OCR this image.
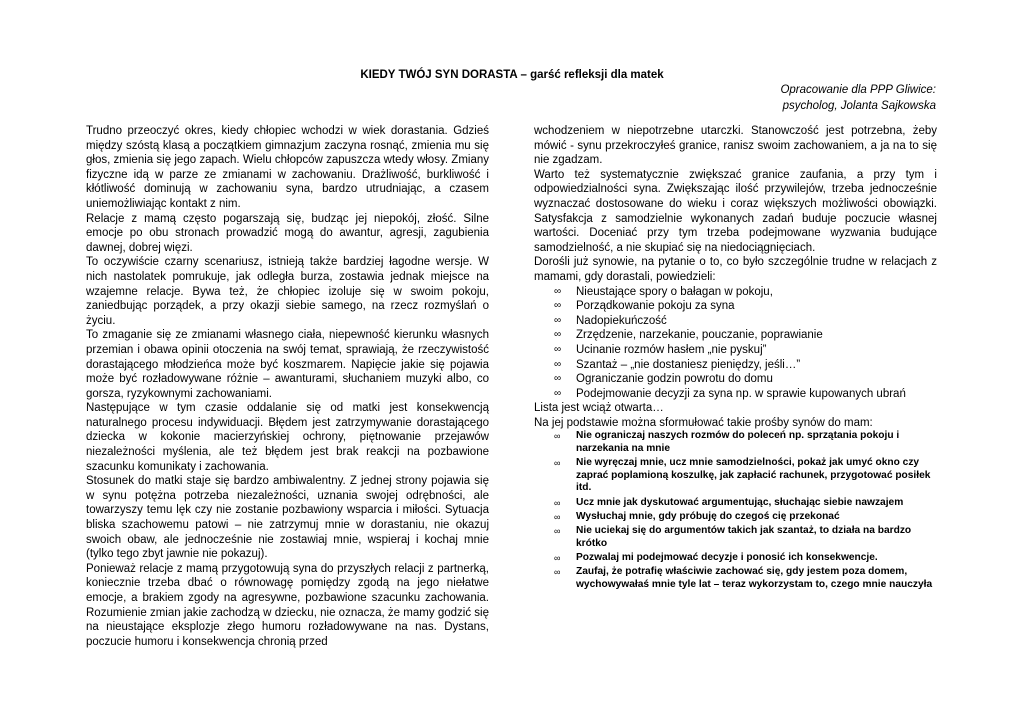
KIEDY TWÓJ SYN DORASTA – garść refleksji dla matek
Opracowanie dla PPP Gliwice:
psycholog, Jolanta Sajkowska

Trudno przeoczyć okres, kiedy chłopiec wchodzi w wiek dorastania. Gdzieś między szóstą klasą a początkiem gimnazjum zaczyna rosnąć, zmienia mu się głos, zmienia się jego zapach. Wielu chłopców zapuszcza wtedy włosy. Zmiany fizyczne idą w parze ze zmianami w zachowaniu. Drażliwość, burkliwość i kłótliwość dominują w zachowaniu syna, bardzo utrudniając, a czasem uniemożliwiając kontakt z nim.

Relacje z mamą często pogarszają się, budząc jej niepokój, złość. Silne emocje po obu stronach prowadzić mogą do awantur, agresji, zagubienia dawnej, dobrej więzi.

To oczywiście czarny scenariusz, istnieją także bardziej łagodne wersje. W nich nastolatek pomrukuje, jak odległa burza, zostawia jednak miejsce na wzajemne relacje. Bywa też, że chłopiec izoluje się w swoim pokoju, zaniedbując porządek, a przy okazji siebie samego, na rzecz rozmyślań o życiu.

To zmaganie się ze zmianami własnego ciała, niepewność kierunku własnych przemian i obawa opinii otoczenia na swój temat, sprawiają, że rzeczywistość dorastającego młodzieńca może być koszmarem. Napięcie jakie się pojawia może być rozładowywane różnie – awanturami, słuchaniem muzyki albo, co gorsza, ryzykownymi zachowaniami.

Następujące w tym czasie oddalanie się od matki jest konsekwencją naturalnego procesu indywiduacji. Błędem jest zatrzymywanie dorastającego dziecka w kokonie macierzyńskiej ochrony, piętnowanie przejawów niezależności myślenia, ale też błędem jest brak reakcji na pozbawione szacunku komunikaty i zachowania.

Stosunek do matki staje się bardzo ambiwalentny. Z jednej strony pojawia się w synu potężna potrzeba niezależności, uznania swojej odrębności, ale towarzyszy temu lęk czy nie zostanie pozbawiony wsparcia i miłości. Sytuacja bliska szachowemu patowi – nie zatrzymuj mnie w dorastaniu, nie okazuj swoich obaw, ale jednocześnie nie zostawiaj mnie, wspieraj i kochaj mnie (tylko tego zbyt jawnie nie pokazuj).

Ponieważ relacje z mamą przygotowują syna do przyszłych relacji z partnerką, koniecznie trzeba dbać o równowagę pomiędzy zgodą na jego niełatwe emocje, a brakiem zgody na agresywne, pozbawione szacunku zachowania. Rozumienie zmian jakie zachodzą w dziecku, nie oznacza, że mamy godzić się na nieustające eksplozje złego humoru rozładowywane na nas. Dystans, poczucie humoru i konsekwencja chronią przed

wchodzeniem w niepotrzebne utarczki. Stanowczość jest potrzebna, żeby mówić - synu przekroczyłeś granice, ranisz swoim zachowaniem, a ja na to się nie zgadzam.

Warto też systematycznie zwiększać granice zaufania, a przy tym i odpowiedzialności syna. Zwiększając ilość przywilejów, trzeba jednocześnie wyznaczać dostosowane do wieku i coraz większych możliwości obowiązki. Satysfakcja z samodzielnie wykonanych zadań buduje poczucie własnej wartości. Doceniać przy tym trzeba podejmowane wyzwania budujące samodzielność, a nie skupiać się na niedociągnięciach.

Dorośli już synowie, na pytanie o to, co było szczególnie trudne w relacjach z mamami, gdy dorastali, powiedzieli:

∞ Nieustające spory o bałagan w pokoju,
∞ Porządkowanie pokoju za syna
∞ Nadopiekuńczość
∞ Zrzędzenie, narzekanie, pouczanie, poprawianie
∞ Ucinanie rozmów hasłem „nie pyskuj”
∞ Szantaż – „nie dostaniesz pieniędzy, jeśli…”
∞ Ograniczanie godzin powrotu do domu
∞ Podejmowanie decyzji za syna np. w sprawie kupowanych ubrań

Lista jest wciąż otwarta…

Na jej podstawie można sformułować takie prośby synów do mam:

∞ Nie ograniczaj naszych rozmów do poleceń np. sprzątania pokoju i narzekania na mnie
∞ Nie wyręczaj mnie, ucz mnie samodzielności, pokaż jak umyć okno czy zaprać poplamioną koszulkę, jak zapłacić rachunek, przygotować posiłek itd.
∞ Ucz mnie jak dyskutować argumentując, słuchając siebie nawzajem
∞ Wysłuchaj mnie, gdy próbuję do czegoś cię przekonać
∞ Nie uciekaj się do argumentów takich jak szantaż, to działa na bardzo krótko
∞ Pozwalaj mi podejmować decyzje i ponosić ich konsekwencje.
∞ Zaufaj, że potrafię właściwie zachować się, gdy jestem poza domem, wychowywałaś mnie tyle lat – teraz wykorzystam to, czego mnie nauczyła
